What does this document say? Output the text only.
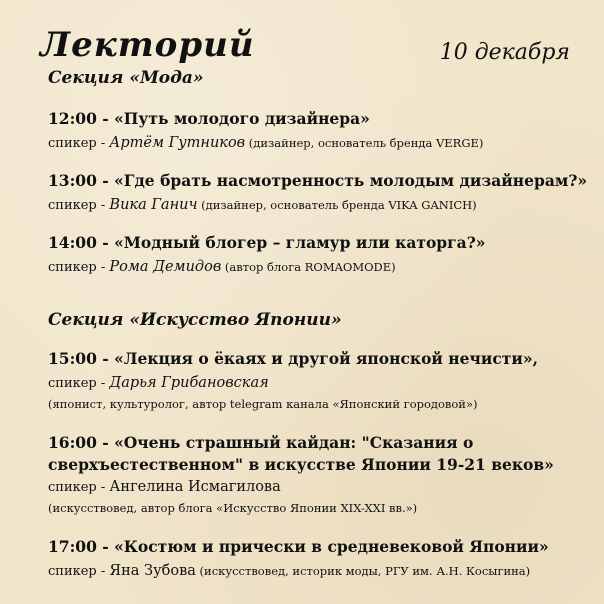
Лекторий	10 декабря
Секция «Мода»
12:00 - «Путь молодого дизайнера»
спикер - Артём Гутников (дизайнер, основатель бренда VERGE)
13:00 - «Где брать насмотренность молодым дизайнерам?»
спикер - Вика Ганич (дизайнер, основатель бренда VIKA GANICH)
14:00 - «Модный блогер – гламур или каторга?»
спикер - Рома Демидов (автор блога ROMAOMODE)
Секция «Искусство Японии»
15:00 - «Лекция о ёкаях и другой японской нечисти»,
спикер - Дарья Грибановская
(японист, культуролог, автор telegram канала «Японский городовой»)
16:00 - «Очень страшный кайдан: "Сказания о
сверхъестественном" в искусстве Японии 19-21 веков»
спикер - Ангелина Исмагилова
(искусствовед, автор блога «Искусство Японии XIX-XXI вв.»)
17:00 - «Костюм и прически в средневековой Японии»
спикер - Яна Зубова (искусствовед, историк моды, РГУ им. А.Н. Косыгина)
